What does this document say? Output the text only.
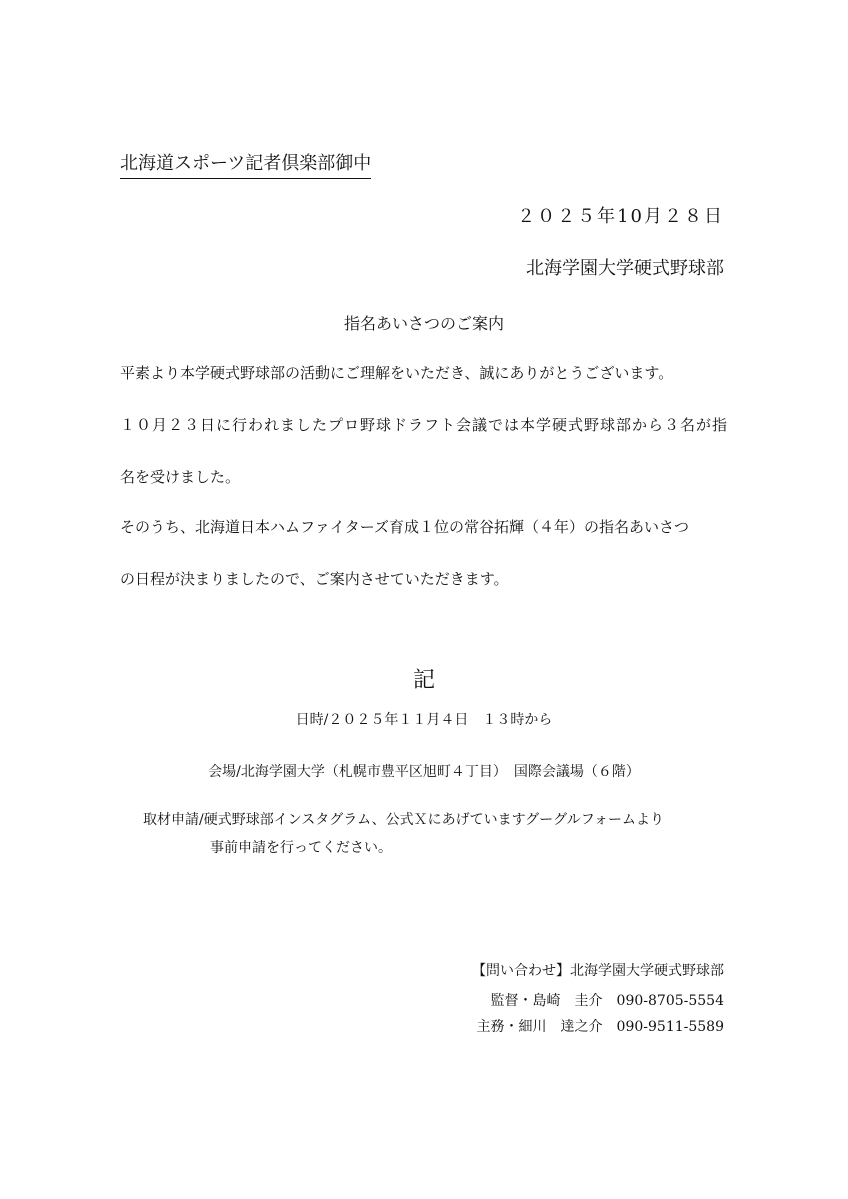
北海道スポーツ記者倶楽部御中
２０２５年10月２８日
北海学園大学硬式野球部
指名あいさつのご案内
平素より本学硬式野球部の活動にご理解をいただき、誠にありがとうございます。
１０月２３日に行われましたプロ野球ドラフト会議では本学硬式野球部から３名が指
名を受けました。
そのうち、北海道日本ハムファイターズ育成１位の常谷拓輝（４年）の指名あいさつ
の日程が決まりましたので、ご案内させていただきます。
記
日時/２０２５年１１月４日　１３時から
会場/北海学園大学（札幌市豊平区旭町４丁目）　国際会議場（６階）
取材申請/硬式野球部インスタグラム、公式Ｘにあげていますグーグルフォームより
事前申請を行ってください。
【問い合わせ】北海学園大学硬式野球部
監督・島崎　圭介　090-8705-5554
主務・細川　達之介　090-9511-5589
